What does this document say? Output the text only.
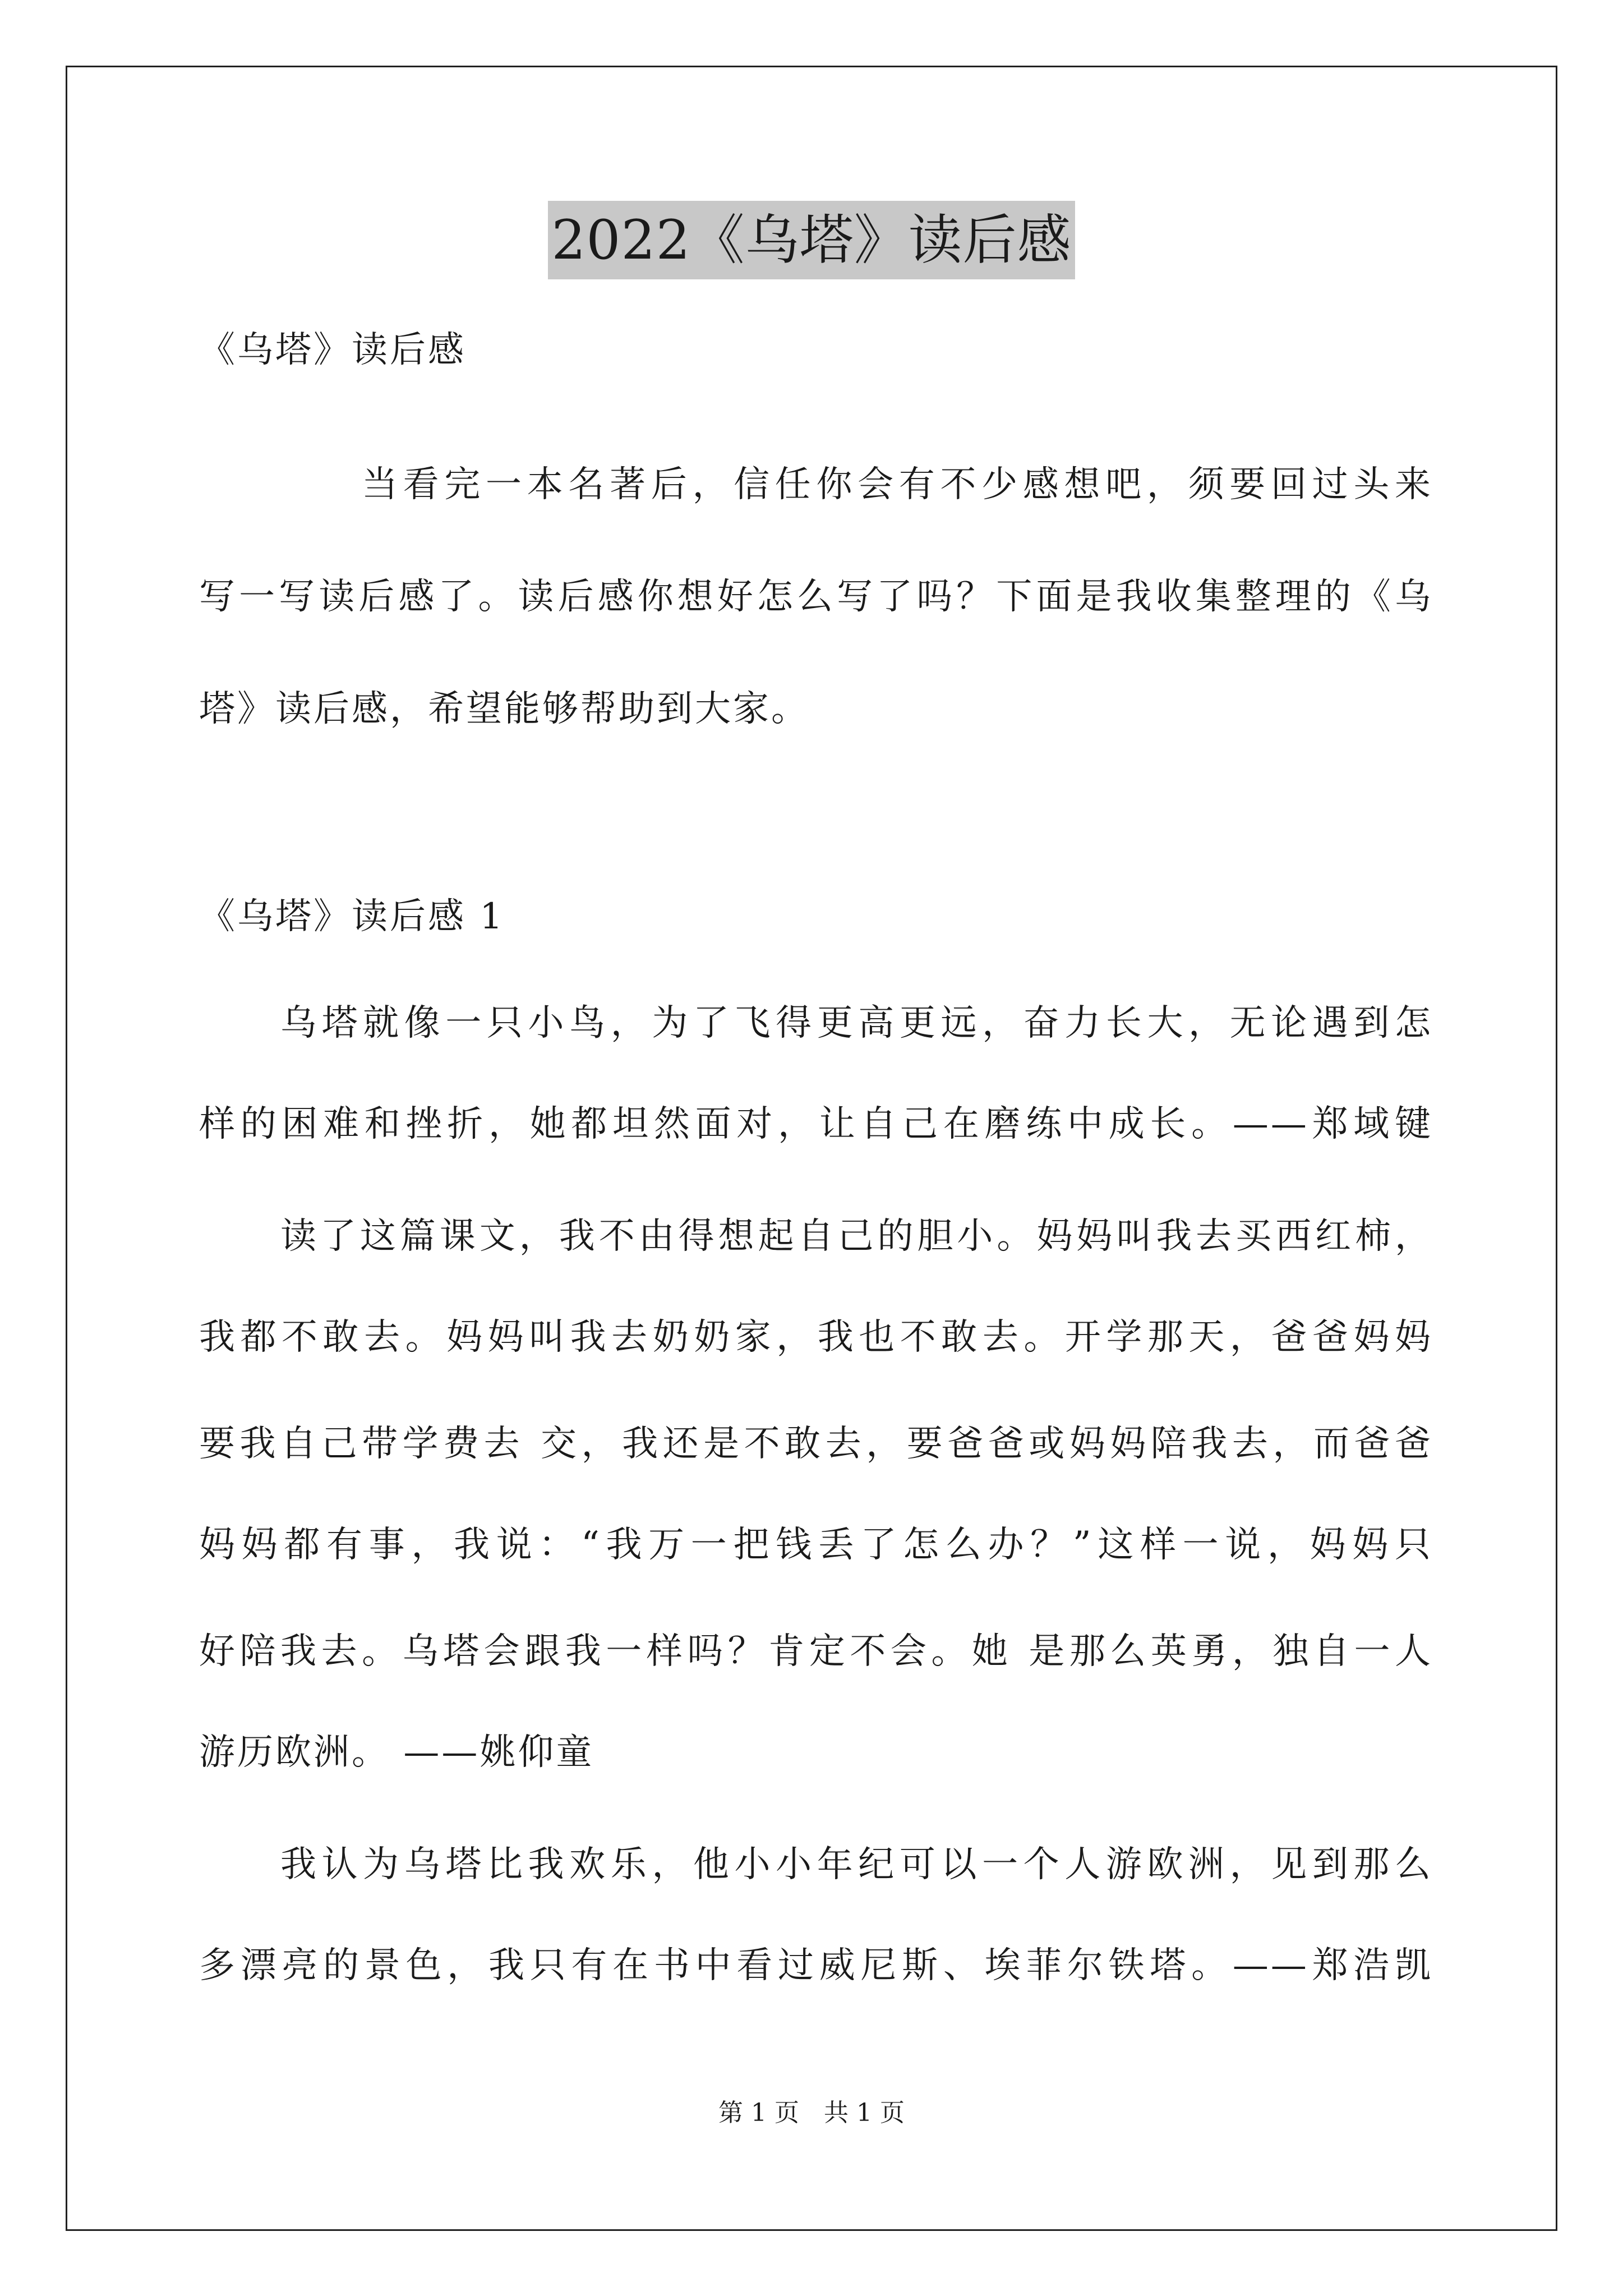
2022《乌塔》读后感
《乌塔》读后感
当看完一本名著后，信任你会有不少感想吧，须要回过头来
写一写读后感了。读后感你想好怎么写了吗？下面是我收集整理的《乌
塔》读后感，希望能够帮助到大家。
《乌塔》读后感 1
乌塔就像一只小鸟，为了飞得更高更远，奋力长大，无论遇到怎
样的困难和挫折，她都坦然面对，让自己在磨练中成长。——郑域键
读了这篇课文，我不由得想起自己的胆小。妈妈叫我去买西红柿，
我都不敢去。妈妈叫我去奶奶家，我也不敢去。开学那天，爸爸妈妈
要我自己带学费去 交，我还是不敢去，要爸爸或妈妈陪我去，而爸爸
妈妈都有事，我说：“我万一把钱丢了怎么办？”这样一说，妈妈只
好陪我去。乌塔会跟我一样吗？肯定不会。她 是那么英勇，独自一人
游历欧洲。 ——姚仰童
我认为乌塔比我欢乐，他小小年纪可以一个人游欧洲，见到那么
多漂亮的景色，我只有在书中看过威尼斯、埃菲尔铁塔。——郑浩凯
第 1 页　共 1 页
